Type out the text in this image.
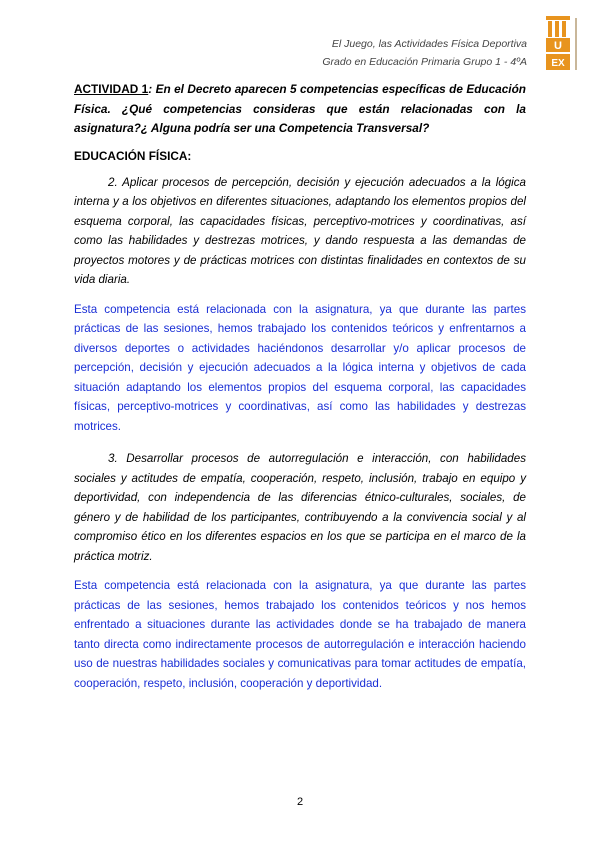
El Juego, las Actividades Física Deportiva
Grado en Educación Primaria Grupo 1 - 4ºA
U
EX

ACTIVIDAD 1: En el Decreto aparecen 5 competencias específicas de Educación Física. ¿Qué competencias consideras que están relacionadas con la asignatura?¿ Alguna podría ser una Competencia Transversal?

EDUCACIÓN FÍSICA:

2. Aplicar procesos de percepción, decisión y ejecución adecuados a la lógica interna y a los objetivos en diferentes situaciones, adaptando los elementos propios del esquema corporal, las capacidades físicas, perceptivo-motrices y coordinativas, así como las habilidades y destrezas motrices, y dando respuesta a las demandas de proyectos motores y de prácticas motrices con distintas finalidades en contextos de su vida diaria.

Esta competencia está relacionada con la asignatura, ya que durante las partes prácticas de las sesiones, hemos trabajado los contenidos teóricos y enfrentarnos a diversos deportes o actividades haciéndonos desarrollar y/o aplicar procesos de percepción, decisión y ejecución adecuados a la lógica interna y objetivos de cada situación adaptando los elementos propios del esquema corporal, las capacidades físicas, perceptivo-motrices y coordinativas, así como las habilidades y destrezas motrices.

3. Desarrollar procesos de autorregulación e interacción, con habilidades sociales y actitudes de empatía, cooperación, respeto, inclusión, trabajo en equipo y deportividad, con independencia de las diferencias étnico-culturales, sociales, de género y de habilidad de los participantes, contribuyendo a la convivencia social y al compromiso ético en los diferentes espacios en los que se participa en el marco de la práctica motriz.

Esta competencia está relacionada con la asignatura, ya que durante las partes prácticas de las sesiones, hemos trabajado los contenidos teóricos y nos hemos enfrentado a situaciones durante las actividades donde se ha trabajado de manera tanto directa como indirectamente procesos de autorregulación e interacción haciendo uso de nuestras habilidades sociales y comunicativas para tomar actitudes de empatía, cooperación, respeto, inclusión, cooperación y deportividad.

2
